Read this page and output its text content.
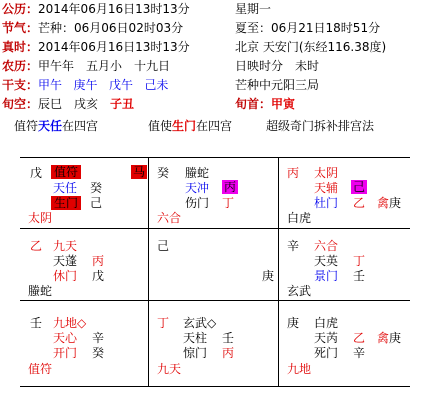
公历：2014年06月16日13时13分	星期一
节气：芒种：06月06日02时03分	夏至：06月21日18时51分
真时：2014年06月16日13时13分	北京 天安门(东经116.38度)
农历：甲午年　五月小　十九日	日映时分　未时
干支：甲午 庚午 戊午 己未	芒种中元阳三局
旬空：辰巳　戌亥　 子丑	旬首：甲寅
值符天任在四宫	值使生门在四宫	超级奇门拆补排宫法
戊 值符	马
天任 癸
生门 己
太阴
癸 螣蛇
天冲 丙
伤门 丁
六合
丙 太阴
天辅 己
杜门 乙 禽庚
白虎
乙 九天
天蓬 丙
休门 戊
螣蛇
己
庚
辛 六合
天英 丁
景门 壬
玄武
壬 九地◇
天心 辛
开门 癸
值符
丁 玄武◇
天柱 壬
惊门 丙
九天
庚 白虎
天芮 乙 禽庚
死门 辛
九地
